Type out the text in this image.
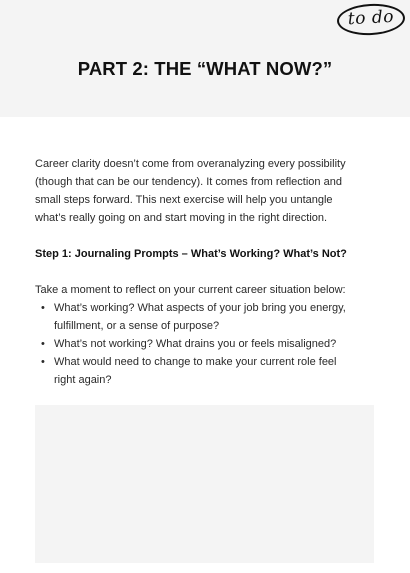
to do
PART 2: THE “WHAT NOW?”

Career clarity doesn’t come from overanalyzing every possibility
(though that can be our tendency). It comes from reflection and
small steps forward. This next exercise will help you untangle
what’s really going on and start moving in the right direction.

Step 1: Journaling Prompts – What’s Working? What’s Not?

Take a moment to reflect on your current career situation below:

• What’s working? What aspects of your job bring you energy,
fulfillment, or a sense of purpose?
• What’s not working? What drains you or feels misaligned?
• What would need to change to make your current role feel
right again?
